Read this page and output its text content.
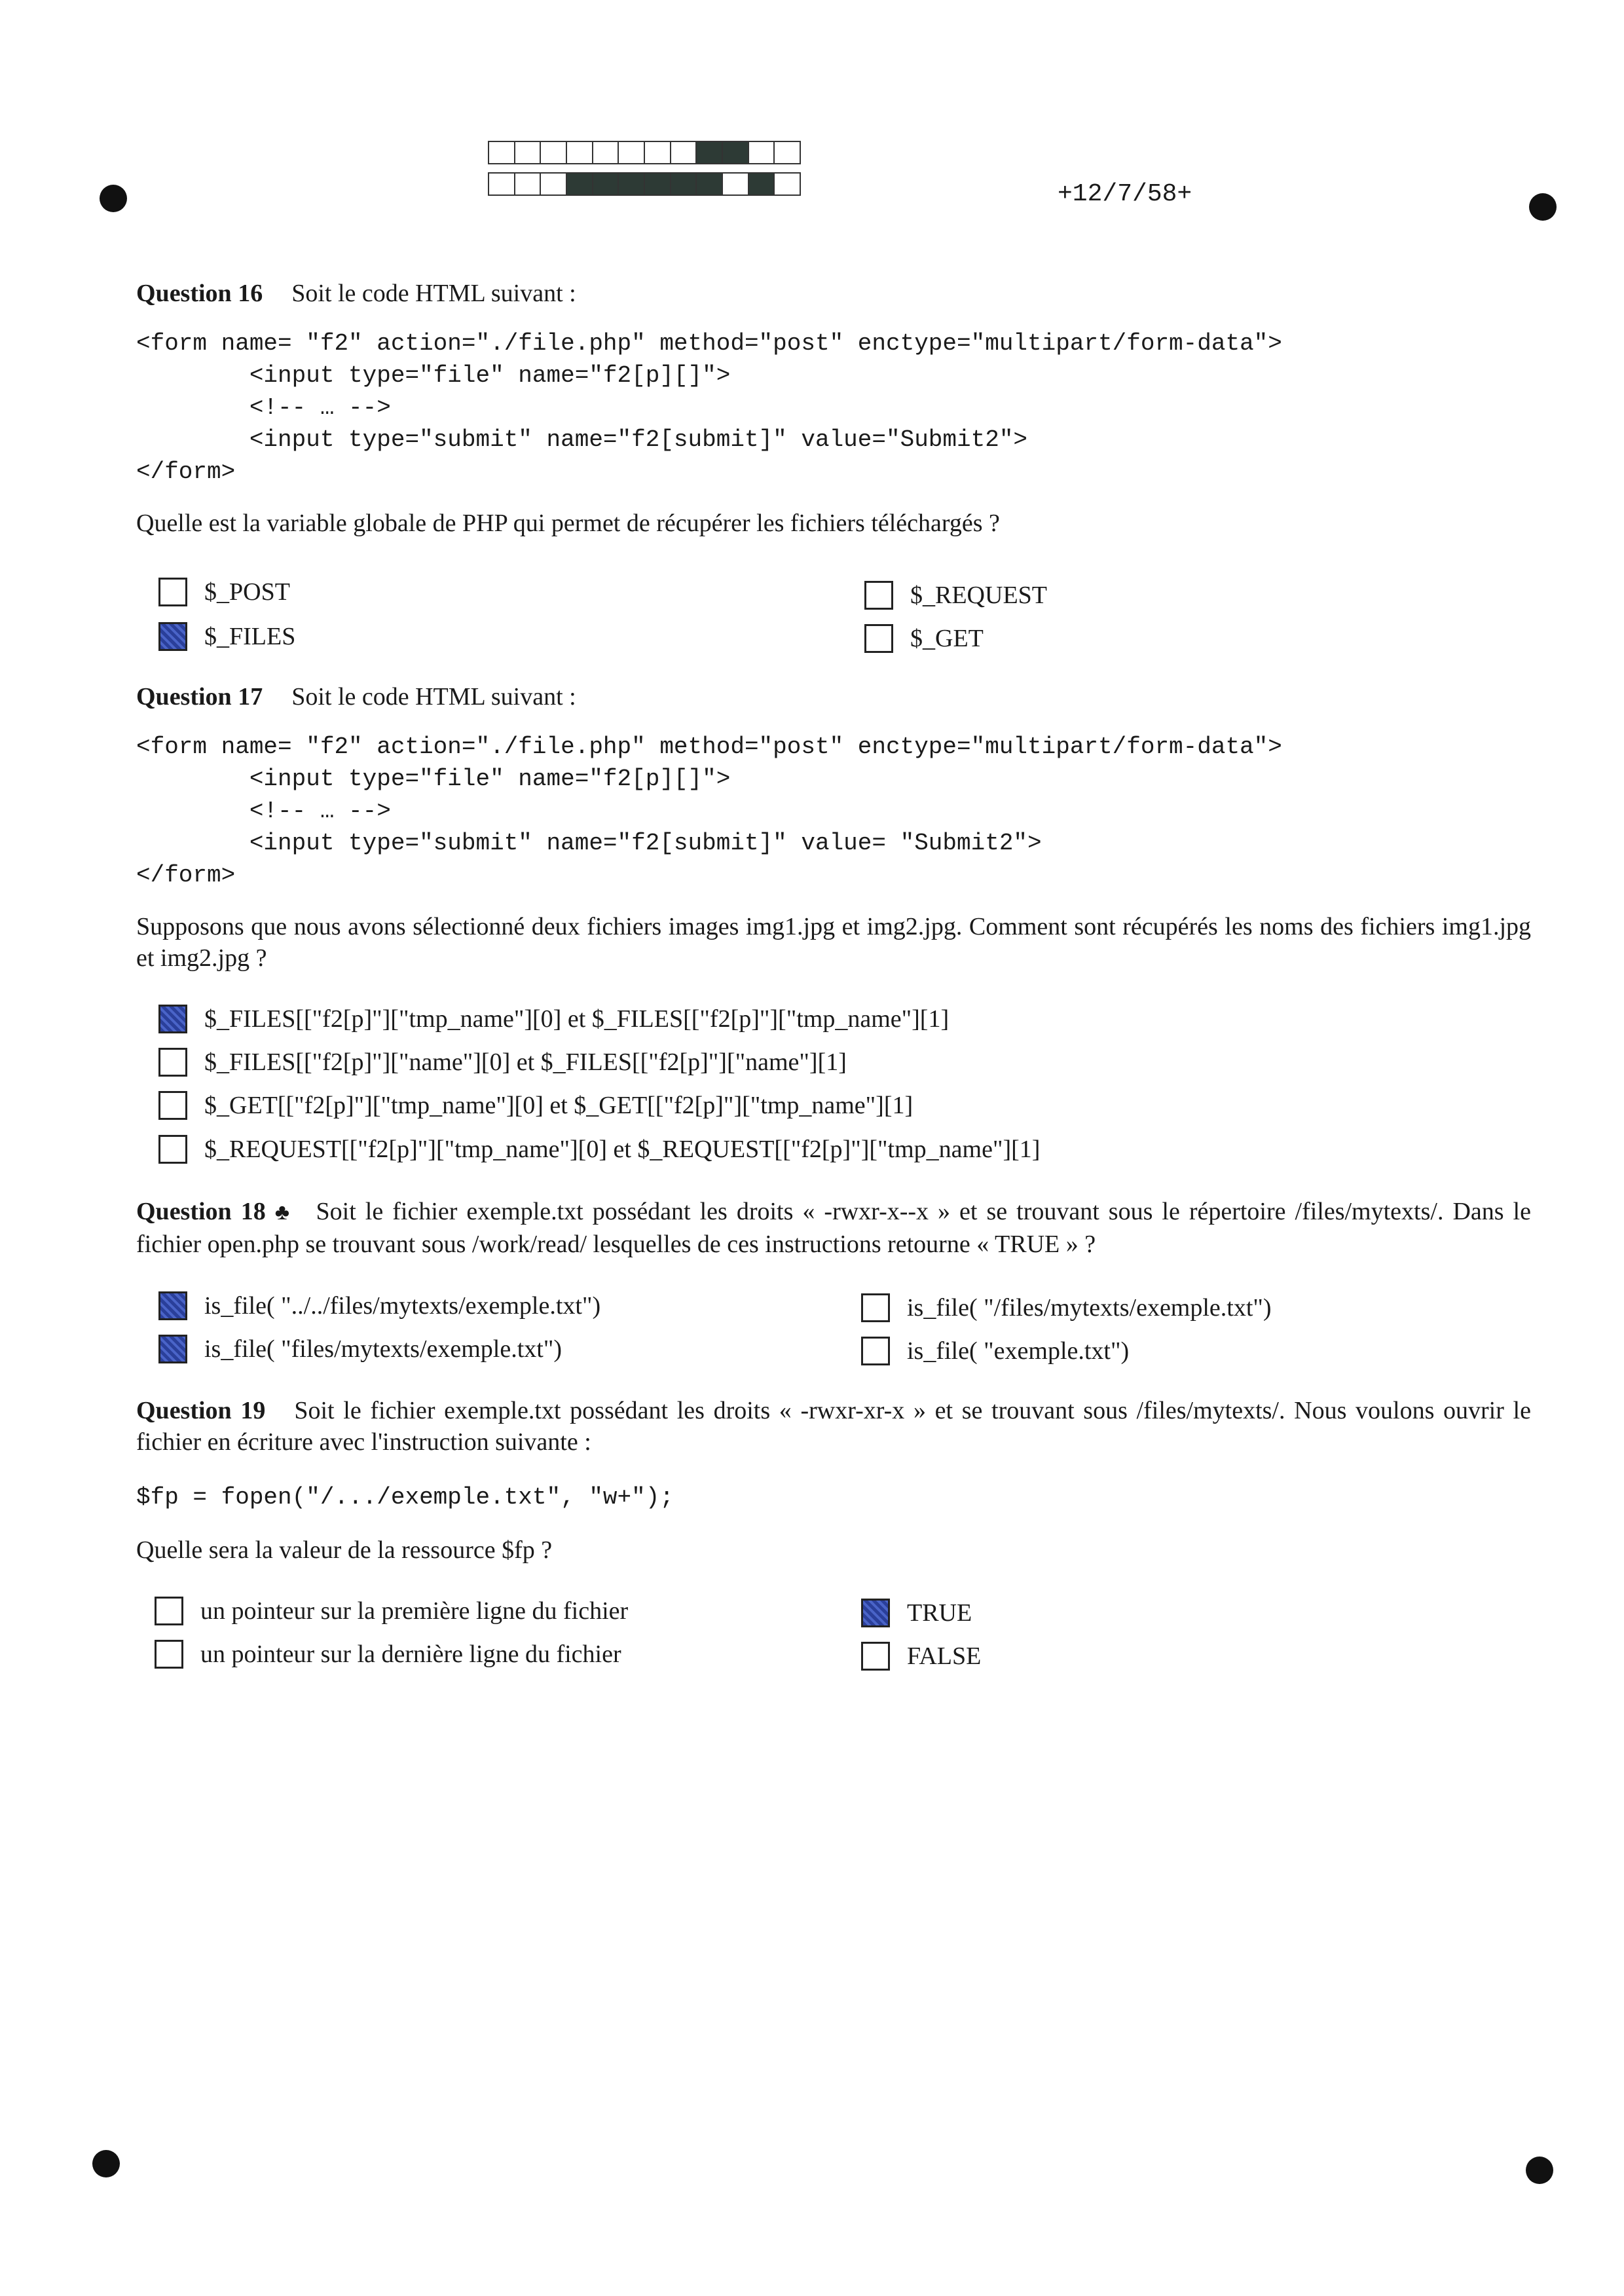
+12/7/58+
Question 16 Soit le code HTML suivant :
<form name= "f2" action="./file.php" method="post" enctype="multipart/form-data">
<input type="file" name="f2[p][]">
<!-- … -->
<input type="submit" name="f2[submit]" value="Submit2">
</form>
Quelle est la variable globale de PHP qui permet de récupérer les fichiers téléchargés ?
$_POST
$_FILES
$_REQUEST
$_GET
Question 17 Soit le code HTML suivant :
<form name= "f2" action="./file.php" method="post" enctype="multipart/form-data">
<input type="file" name="f2[p][]">
<!-- … -->
<input type="submit" name="f2[submit]" value= "Submit2">
</form>
Supposons que nous avons sélectionné deux fichiers images img1.jpg et img2.jpg. Comment sont récupérés les noms des fichiers img1.jpg et img2.jpg ?
$_FILES[["f2[p]"]["tmp_name"][0] et $_FILES[["f2[p]"]["tmp_name"][1]
$_FILES[["f2[p]"]["name"][0] et $_FILES[["f2[p]"]["name"][1]
$_GET[["f2[p]"]["tmp_name"][0] et $_GET[["f2[p]"]["tmp_name"][1]
$_REQUEST[["f2[p]"]["tmp_name"][0] et $_REQUEST[["f2[p]"]["tmp_name"][1]
Question 18 ♣ Soit le fichier exemple.txt possédant les droits « -rwxr-x--x » et se trouvant sous le répertoire /files/mytexts/. Dans le fichier open.php se trouvant sous /work/read/ lesquelles de ces instructions retourne « TRUE » ?
is_file( "../../files/mytexts/exemple.txt")
is_file( "files/mytexts/exemple.txt")
is_file( "/files/mytexts/exemple.txt")
is_file( "exemple.txt")
Question 19 Soit le fichier exemple.txt possédant les droits « -rwxr-xr-x » et se trouvant sous /files/mytexts/. Nous voulons ouvrir le fichier en écriture avec l'instruction suivante :
$fp = fopen("/.../exemple.txt", "w+");
Quelle sera la valeur de la ressource $fp ?
un pointeur sur la première ligne du fichier
un pointeur sur la dernière ligne du fichier
TRUE
FALSE
